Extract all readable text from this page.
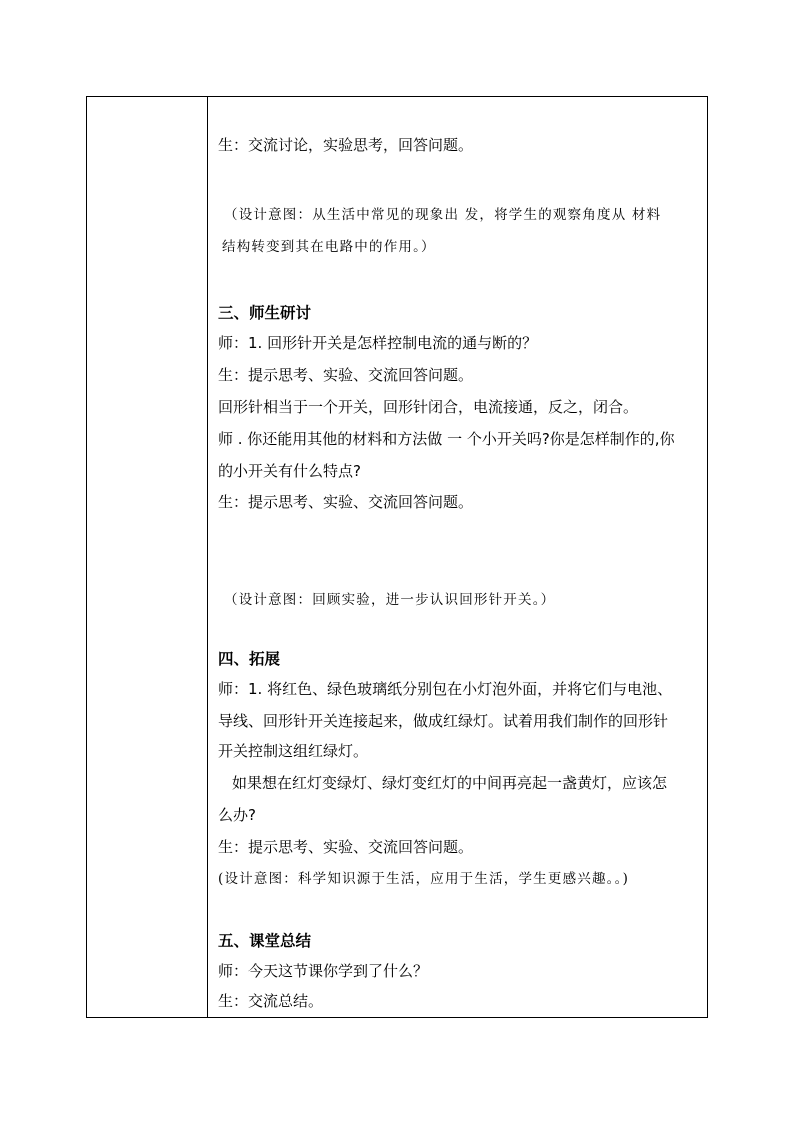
生：交流讨论，实验思考，回答问题。
（设计意图：从生活中常见的现象出 发，将学生的观察角度从 材料
结构转变到其在电路中的作用。）
三、师生研讨
师：1. 回形针开关是怎样控制电流的通与断的？
生：提示思考、实验、交流回答问题。
回形针相当于一个开关，回形针闭合，电流接通，反之，闭合。
师 . 你还能用其他的材料和方法做 一 个小开关吗?你是怎样制作的,你
的小开关有什么特点?
生：提示思考、实验、交流回答问题。
（设计意图：回顾实验，进一步认识回形针开关。）
四、拓展
师：1. 将红色、绿色玻璃纸分别包在小灯泡外面，并将它们与电池、
导线、回形针开关连接起来，做成红绿灯。试着用我们制作的回形针
开关控制这组红绿灯。
如果想在红灯变绿灯、绿灯变红灯的中间再亮起一盏黄灯，应该怎
么办?
生：提示思考、实验、交流回答问题。
(设计意图：科学知识源于生活，应用于生活，学生更感兴趣。。)
五、课堂总结
师：今天这节课你学到了什么？
生：交流总结。
